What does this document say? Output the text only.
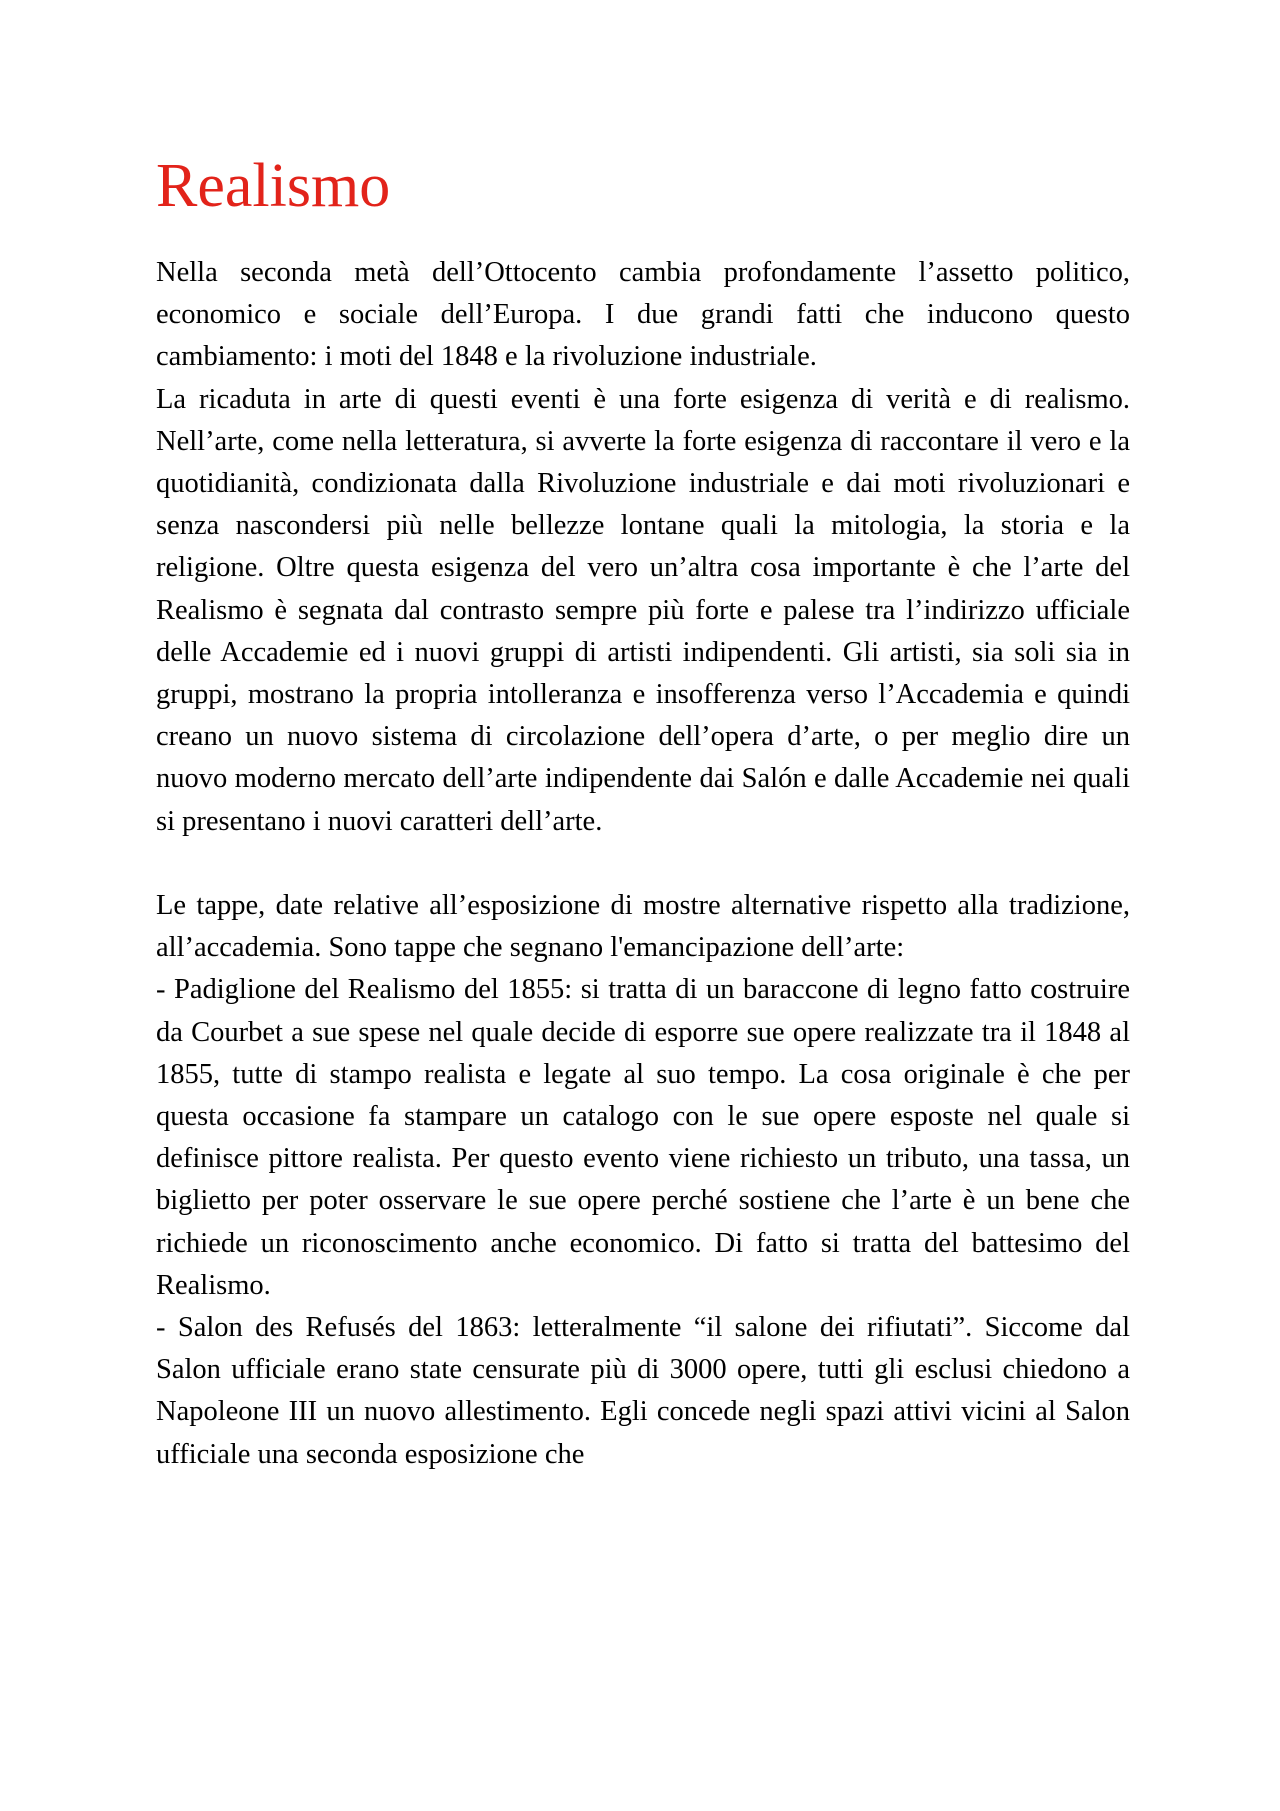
Realismo

Nella seconda metà dell’Ottocento cambia profondamente l’assetto politico, economico e sociale dell’Europa. I due grandi fatti che inducono questo cambiamento: i moti del 1848 e la rivoluzione industriale.

La ricaduta in arte di questi eventi è una forte esigenza di verità e di realismo. Nell’arte, come nella letteratura, si avverte la forte esigenza di raccontare il vero e la quotidianità, condizionata dalla Rivoluzione industriale e dai moti rivoluzionari e senza nascondersi più nelle bellezze lontane quali la mitologia, la storia e la religione. Oltre questa esigenza del vero un’altra cosa importante è che l’arte del Realismo è segnata dal contrasto sempre più forte e palese tra l’indirizzo ufficiale delle Accademie ed i nuovi gruppi di artisti indipendenti. Gli artisti, sia soli sia in gruppi, mostrano la propria intolleranza e insofferenza verso l’Accademia e quindi creano un nuovo sistema di circolazione dell’opera d’arte, o per meglio dire un nuovo moderno mercato dell’arte indipendente dai Salón e dalle Accademie nei quali si presentano i nuovi caratteri dell’arte.

Le tappe, date relative all’esposizione di mostre alternative rispetto alla tradizione, all’accademia. Sono tappe che segnano l'emancipazione dell’arte:

- Padiglione del Realismo del 1855: si tratta di un baraccone di legno fatto costruire da Courbet a sue spese nel quale decide di esporre sue opere realizzate tra il 1848 al 1855, tutte di stampo realista e legate al suo tempo. La cosa originale è che per questa occasione fa stampare un catalogo con le sue opere esposte nel quale si definisce pittore realista. Per questo evento viene richiesto un tributo, una tassa, un biglietto per poter osservare le sue opere perché sostiene che l’arte è un bene che richiede un riconoscimento anche economico. Di fatto si tratta del battesimo del Realismo.

- Salon des Refusés del 1863: letteralmente “il salone dei rifiutati”. Siccome dal Salon ufficiale erano state censurate più di 3000 opere, tutti gli esclusi chiedono a Napoleone III un nuovo allestimento. Egli concede negli spazi attivi vicini al Salon ufficiale una seconda esposizione che
